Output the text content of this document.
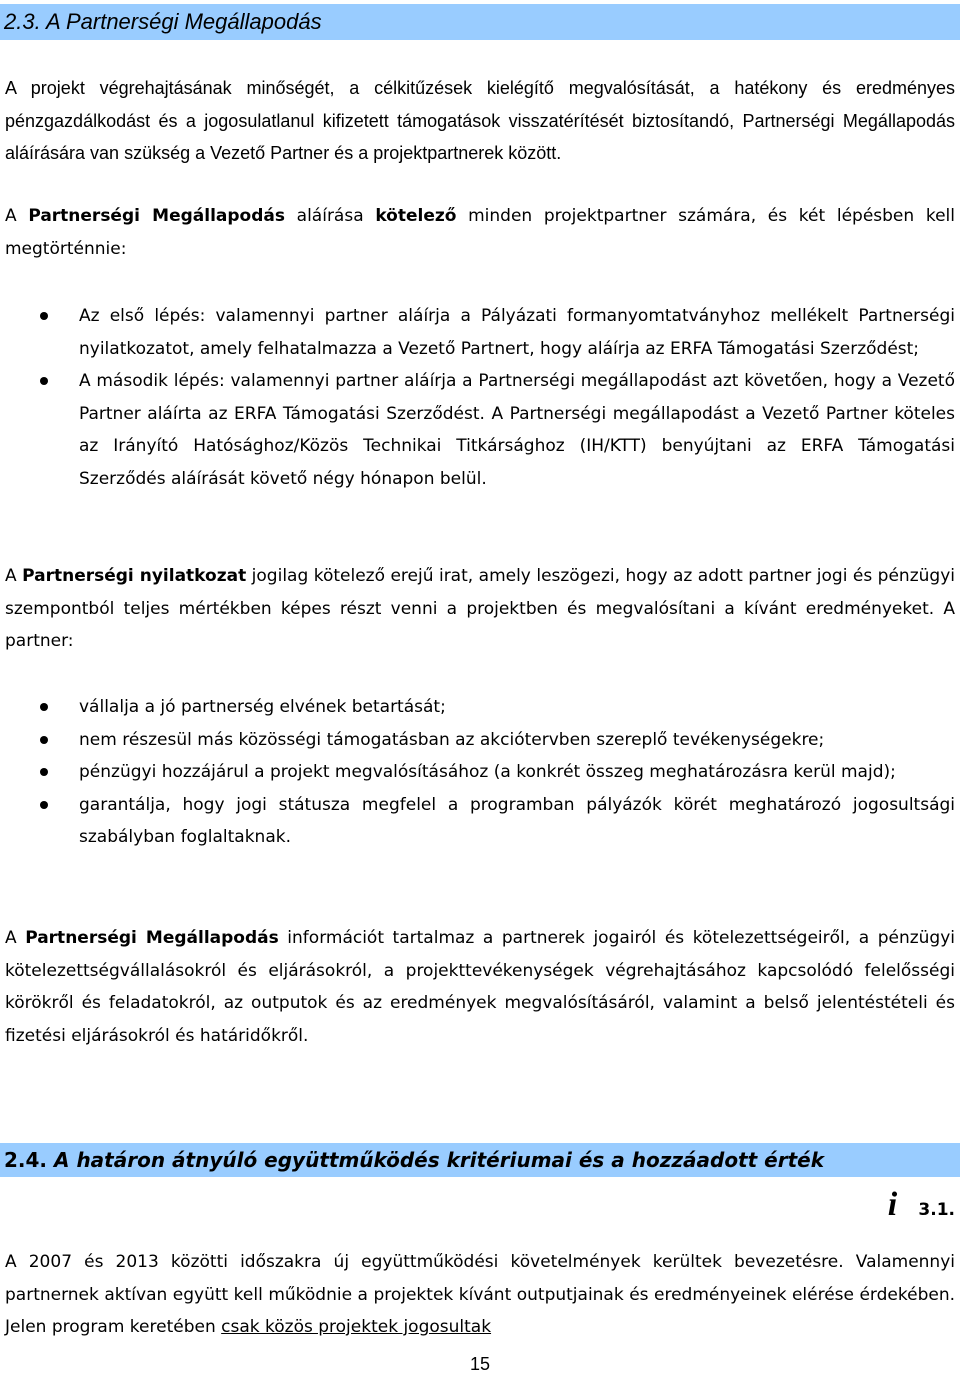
2.3. A Partnerségi Megállapodás

A projekt végrehajtásának minőségét, a célkitűzések kielégítő megvalósítását, a hatékony és eredményes pénzgazdálkodást és a jogosulatlanul kifizetett támogatások visszatérítését biztosítandó, Partnerségi Megállapodás aláírására van szükség a Vezető Partner és a projektpartnerek között.

A Partnerségi Megállapodás aláírása kötelező minden projektpartner számára, és két lépésben kell megtörténnie:

Az első lépés: valamennyi partner aláírja a Pályázati formanyomtatványhoz mellékelt Partnerségi nyilatkozatot, amely felhatalmazza a Vezető Partnert, hogy aláírja az ERFA Támogatási Szerződést;
A második lépés: valamennyi partner aláírja a Partnerségi megállapodást azt követően, hogy a Vezető Partner aláírta az ERFA Támogatási Szerződést. A Partnerségi megállapodást a Vezető Partner köteles az Irányító Hatósághoz/Közös Technikai Titkársághoz (IH/KTT) benyújtani az ERFA Támogatási Szerződés aláírását követő négy hónapon belül.

A Partnerségi nyilatkozat jogilag kötelező erejű irat, amely leszögezi, hogy az adott partner jogi és pénzügyi szempontból teljes mértékben képes részt venni a projektben és megvalósítani a kívánt eredményeket. A partner:

vállalja a jó partnerség elvének betartását;
nem részesül más közösségi támogatásban az akciótervben szereplő tevékenységekre;
pénzügyi hozzájárul a projekt megvalósításához (a konkrét összeg meghatározásra kerül majd);
garantálja, hogy jogi státusza megfelel a programban pályázók körét meghatározó jogosultsági szabályban foglaltaknak.

A Partnerségi Megállapodás információt tartalmaz a partnerek jogairól és kötelezettségeiről, a pénzügyi kötelezettségvállalásokról és eljárásokról, a projekttevékenységek végrehajtásához kapcsolódó felelősségi körökről és feladatokról, az outputok és az eredmények megvalósításáról, valamint a belső jelentéstételi és fizetési eljárásokról és határidőkről.

2.4. A határon átnyúló együttműködés kritériumai és a hozzáadott érték
i	3.1.

A 2007 és 2013 közötti időszakra új együttműködési követelmények kerültek bevezetésre. Valamennyi partnernek aktívan együtt kell működnie a projektek kívánt outputjainak és eredményeinek elérése érdekében. Jelen program keretében csak közös projektek jogosultak

15
